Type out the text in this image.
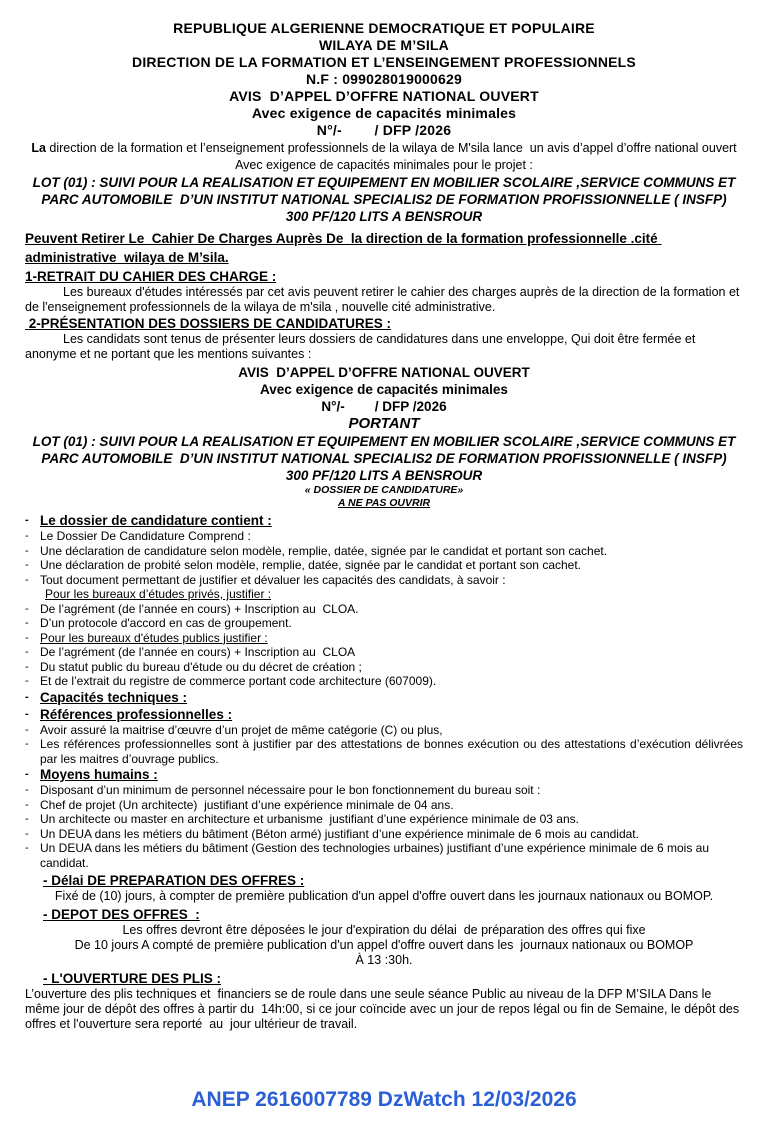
REPUBLIQUE ALGERIENNE DEMOCRATIQUE ET POPULAIRE
WILAYA DE M’SILA
DIRECTION DE LA FORMATION ET L’ENSEINGEMENT PROFESSIONNELS
N.F : 099028019000629
AVIS  D’APPEL D’OFFRE NATIONAL OUVERT
Avec exigence de capacités minimales
N°/-        / DFP /2026
La direction de la formation et l’enseignement professionnels de la wilaya de M'sila lance  un avis d’appel d’offre national ouvert  Avec exigence de capacités minimales pour le projet :
LOT (01) : SUIVI POUR LA REALISATION ET EQUIPEMENT EN MOBILIER SCOLAIRE ,SERVICE COMMUNS ET PARC AUTOMOBILE  D’UN INSTITUT NATIONAL SPECIALIS2 DE FORMATION PROFISSIONNELLE ( INSFP)
300 PF/120 LITS A BENSROUR
Peuvent Retirer Le  Cahier De Charges Auprès De  la direction de la formation professionnelle .cité administrative  wilaya de M’sila.
1-RETRAIT DU CAHIER DES CHARGE :
Les bureaux d'études intéressés par cet avis peuvent retirer le cahier des charges auprès de la direction de la formation et de l'enseignement professionnels de la wilaya de m'sila , nouvelle cité administrative.
2-PRÉSENTATION DES DOSSIERS DE CANDIDATURES :
Les candidats sont tenus de présenter leurs dossiers de candidatures dans une enveloppe, Qui doit être fermée et anonyme et ne portant que les mentions suivantes :
AVIS  D’APPEL D’OFFRE NATIONAL OUVERT
Avec exigence de capacités minimales
N°/-        / DFP /2026
PORTANT
LOT (01) : SUIVI POUR LA REALISATION ET EQUIPEMENT EN MOBILIER SCOLAIRE ,SERVICE COMMUNS ET PARC AUTOMOBILE  D’UN INSTITUT NATIONAL SPECIALIS2 DE FORMATION PROFISSIONNELLE ( INSFP)
300 PF/120 LITS A BENSROUR
« DOSSIER DE CANDIDATURE»
A NE PAS OUVRIR
- Le dossier de candidature contient :
- Le Dossier De Candidature Comprend :
- Une déclaration de candidature selon modèle, remplie, datée, signée par le candidat et portant son cachet.
- Une déclaration de probité selon modèle, remplie, datée, signée par le candidat et portant son cachet.
- Tout document permettant de justifier et dévaluer les capacités des candidats, à savoir :
Pour les bureaux d’études privés, justifier :
- De l’agrément (de l’année en cours) + Inscription au  CLOA.
- D’un protocole d'accord en cas de groupement.
- Pour les bureaux d'études publics justifier :
- De l’agrément (de l’année en cours) + Inscription au  CLOA
- Du statut public du bureau d'étude ou du décret de création ;
- Et de l’extrait du registre de commerce portant code architecture (607009).
- Capacités techniques :
- Références professionnelles :
- Avoir assuré la maitrise d’œuvre d’un projet de même catégorie (C) ou plus,
- Les références professionnelles sont à justifier par des attestations de bonnes exécution ou des attestations d’exécution délivrées par les maitres d’ouvrage publics.
- Moyens humains :
- Disposant d’un minimum de personnel nécessaire pour le bon fonctionnement du bureau soit :
- Chef de projet (Un architecte)  justifiant d’une expérience minimale de 04 ans.
- Un architecte ou master en architecture et urbanisme  justifiant d’une expérience minimale de 03 ans.
- Un DEUA dans les métiers du bâtiment (Béton armé) justifiant d’une expérience minimale de 6 mois au candidat.
- Un DEUA dans les métiers du bâtiment (Gestion des technologies urbaines) justifiant d’une expérience minimale de 6 mois au candidat.
- Délai DE PREPARATION DES OFFRES :
Fixé de (10) jours, à compter de première publication d'un appel d'offre ouvert dans les journaux nationaux ou BOMOP.
- DEPOT DES OFFRES  :
Les offres devront être déposées le jour d'expiration du délai  de préparation des offres qui fixe
De 10 jours A compté de première publication d'un appel d'offre ouvert dans les  journaux nationaux ou BOMOP
À 13 :30h.
- L'OUVERTURE DES PLIS :
L’ouverture des plis techniques et  financiers se de roule dans une seule séance Public au niveau de la DFP M’SILA Dans le même jour de dépôt des offres à partir du  14h:00, si ce jour coïncide avec un jour de repos légal ou fin de Semaine, le dépôt des offres et l'ouverture sera reporté  au  jour ultérieur de travail.
ANEP 2616007789 DzWatch 12/03/2026
